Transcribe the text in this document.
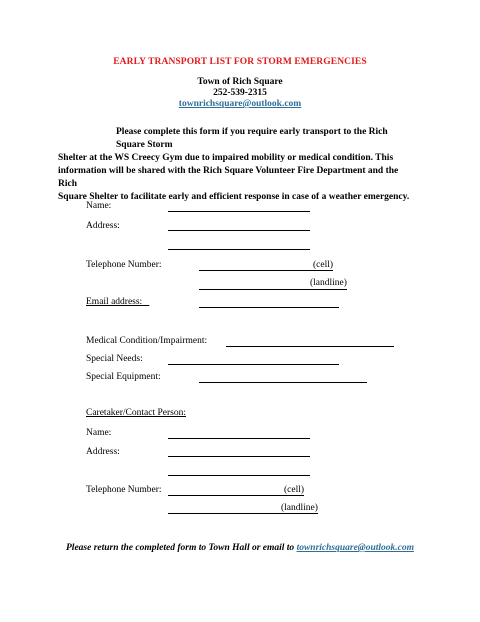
EARLY TRANSPORT LIST FOR STORM EMERGENCIES
Town of Rich Square
252-539-2315
townrichsquare@outlook.com

Please complete this form if you require early transport to the Rich Square Storm

Shelter at the WS Creecy Gym due to impaired mobility or medical condition. This

information will be shared with the Rich Square Volunteer Fire Department and the Rich

Square Shelter to facilitate early and efficient response in case of a weather emergency.

Name:
Address:
Telephone Number:	(cell)
(landline)
Email address:
Medical Condition/Impairment:
Special Needs:
Special Equipment:
Caretaker/Contact Person:
Name:
Address:
Telephone Number:	(cell)
(landline)
Please return the completed form to Town Hall or email to townrichsquare@outlook.com
